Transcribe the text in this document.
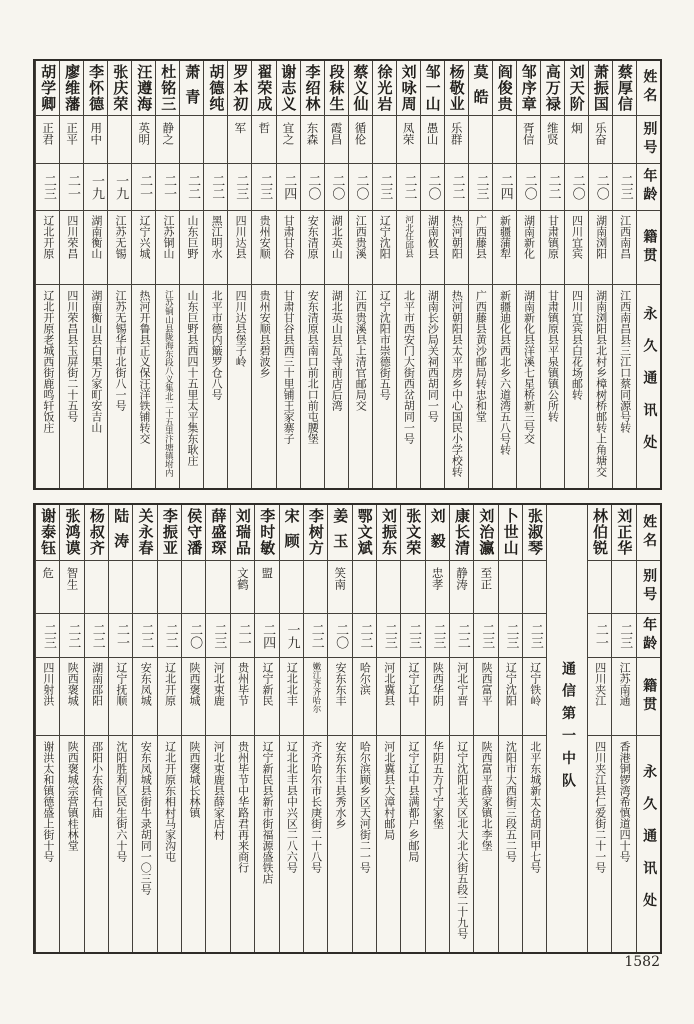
姓名
别号
年龄
籍贯
永久通讯处
蔡厚信
二三
江西南昌
江西南昌县三江口蔡同源号转
萧振国
乐奋
二〇
湖南浏阳
湖南浏阳县北村乡樟树桥邮转上角塘交
刘天阶
炯
二〇
四川宜宾
四川宜宾县白花场邮转
高万禄
维贤
二二
甘肃镇原
甘肃镇原县平泉镇镇公所转
邹序章
胥信
二〇
湖南新化
湖南新化县洋溪七星桥新三号交
阎俊贵
二四
新疆蒲犁
新疆迪化县西北乡六道湾五八号转
莫皓
二三
广西藤县
广西藤县黄沙邮局转忠和堂
杨敬业
乐群
二二
热河朝阳
热河朝阳县太平房乡中心国民小学校转
邹一山
愚山
二〇
湖南攸县
湖南长沙局关祠西胡同一号
刘咏周
凤荣
二二
河北任邱县
北平市西安门大街西岔胡同一号
徐光岩
二三
辽宁沈阳
辽宁沈阳市崇德街五号
蔡义仙
循伦
二〇
江西贵溪
江西贵溪县上清官邮局交
段秣生
霞昌
二〇
湖北英山
湖北英山县瓦寺前店后湾
李绍林
东森
二〇
安东清原
安东清原县南口前北口前屯腰堡
谢志义
宜之
二四
甘肃甘谷
甘肃甘谷县西三十里铺王家寨子
翟荣成
哲
二三
贵州安顺
贵州安顺县碧波乡
罗本初
军
二三
四川达县
四川达县堡子岭
胡德纯
二二
黑江明水
北平市德内簸罗仓八号
萧青
二二
山东巨野
山东巨野县西四十五里太平集东耿庄
杜铭三
静之
二一
江苏铜山
江苏铜山县陇海东段八义集北二十五里汴塘镇坿内
汪遵海
英明
二一
辽宁兴城
热河开鲁县正义保汪洋铁铺转交
张庆荣
一九
江苏无锡
江苏无锡华市北街八一号
李怀德
用中
一九
湖南衡山
湖南衡山县白果万家町安吉山
廖维藩
正平
二一
四川荣昌
四川荣昌县玉屏街二十五号
胡学卿
正君
二三
辽北开原
辽北开原老城西街鹿鸣轩饭庄
姓名
别号
年龄
籍贯
永久通讯处
刘正华
二三
江苏南通
香港铜锣湾希慎道四十号
林伯锐
二一
四川夹江
四川夹江县仁爱街二十一号
通信第一中队
张淑琴
二三
辽宁铁岭
北平东城新太仓胡同甲七号
卜世山
二三
辽宁沈阳
沈阳市大西街三段五二号
刘治瀛
至正
二三
陕西富平
陕西富平薛家镇北李堡
康长清
静涛
二二
河北宁晋
辽宁沈阳北关区北大北大街五段二十九号
刘毅
忠孝
二三
陕西华阴
华阴五方寸宁家堡
张文荣
二三
辽宁辽中
辽宁辽中县满都户乡邮局
刘振东
二三
河北冀县
河北冀县大漳村邮局
鄂文斌
二二
哈尔滨
哈尔滨顾乡区天河街二一号
姜玉
笑南
二〇
安东东丰
安东东丰县秀水乡
李树方
二二
嫩江齐齐哈尔
齐齐哈尔市长庚街二十八号
宋顾
一九
辽北北丰
辽北北丰县中兴区二八六号
李时敏
盟
二四
辽宁新民
辽宁新民县新市街福源盛铁店
刘瑞品
文鹤
二一
贵州毕节
贵州毕节中华路君再来商行
薛盛琛
二三
河北束鹿
河北束鹿县薛家店村
侯守潘
二〇
陕西褒城
陕西褒城长林镇
李振亚
二二
辽北开原
辽北开原东相村马家沟屯
关永春
二二
安东凤城
安东凤城县街牛录胡同一〇三号
陆涛
二一
辽宁抚顺
沈阳胜利区民生街六十号
杨叔齐
二二
湖南邵阳
邵阳小东倚石庙
张鸿谟
智生
二二
陕西褒城
陕西褒城宗营镇桂林堂
谢泰钰
危
二三
四川射洪
谢洪太和镇德盛上街十号
1582
